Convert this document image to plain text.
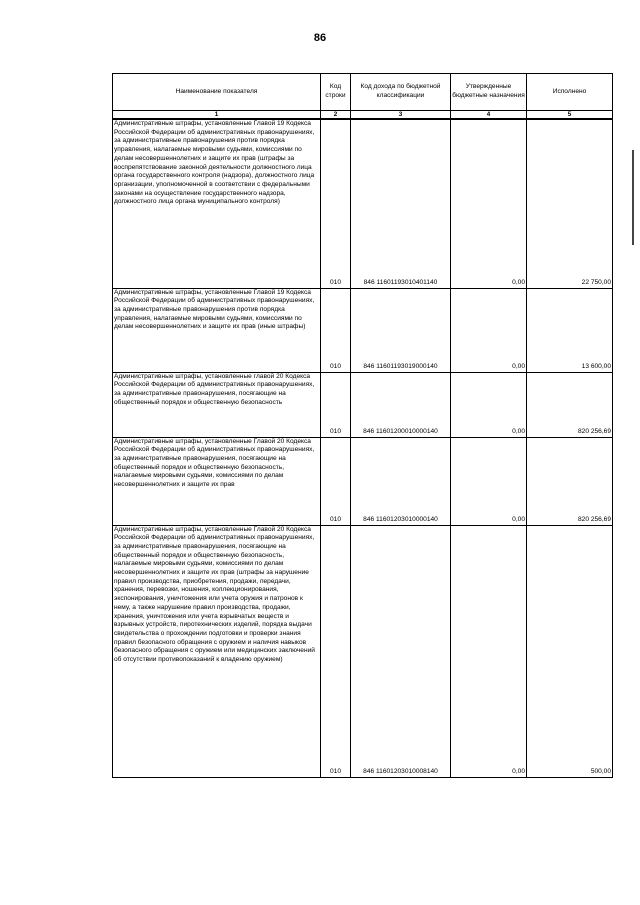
86
Наименование показателя	Код строки	Код дохода по бюджетной классификации	Утвержденные бюджетные назначения	Исполнено
1	2	3	4	5
Административные штрафы, установленные Главой 19 Кодекса Российской Федерации об административных правонарушениях, за административные правонарушения против порядка управления, налагаемые мировыми судьями, комиссиями по делам несовершеннолетних и защите их прав (штрафы за воспрепятствование законной деятельности должностного лица органа государственного контроля (надзора), должностного лица организации, уполномоченной в соответствии с федеральными законами на осуществление государственного надзора, должностного лица органа муниципального контроля)	010	846 11601193010401140	0,00	22 750,00
Административные штрафы, установленные Главой 19 Кодекса Российской Федерации об административных правонарушениях, за административные правонарушения против порядка управления, налагаемые мировыми судьями, комиссиями по делам несовершеннолетних и защите их прав (иные штрафы)	010	846 11601193019000140	0,00	13 600,00
Административные штрафы, установленные главой 20 Кодекса Российской Федерации об административных правонарушениях, за административные правонарушения, посягающие на общественный порядок и общественную безопасность	010	846 11601200010000140	0,00	820 256,69
Административные штрафы, установленные Главой 20 Кодекса Российской Федерации об административных правонарушениях, за административные правонарушения, посягающие на общественный порядок и общественную безопасность, налагаемые мировыми судьями, комиссиями по делам несовершеннолетних и защите их прав	010	846 11601203010000140	0,00	820 256,69
Административные штрафы, установленные Главой 20 Кодекса Российской Федерации об административных правонарушениях, за административные правонарушения, посягающие на общественный порядок и общественную безопасность, налагаемые мировыми судьями, комиссиями по делам несовершеннолетних и защите их прав (штрафы за нарушение правил производства, приобретения, продажи, передачи, хранения, перевозки, ношения, коллекционирования, экспонирования, уничтожения или учета оружия и патронов к нему, а также нарушение правил производства, продажи, хранения, уничтожения или учета взрывчатых веществ и взрывных устройств, пиротехнических изделий, порядка выдачи свидетельства о прохождении подготовки и проверки знания правил безопасного обращения с оружием и наличия навыков безопасного обращения с оружием или медицинских заключений об отсутствии противопоказаний к владению оружием)	010	846 11601203010008140	0,00	500,00
